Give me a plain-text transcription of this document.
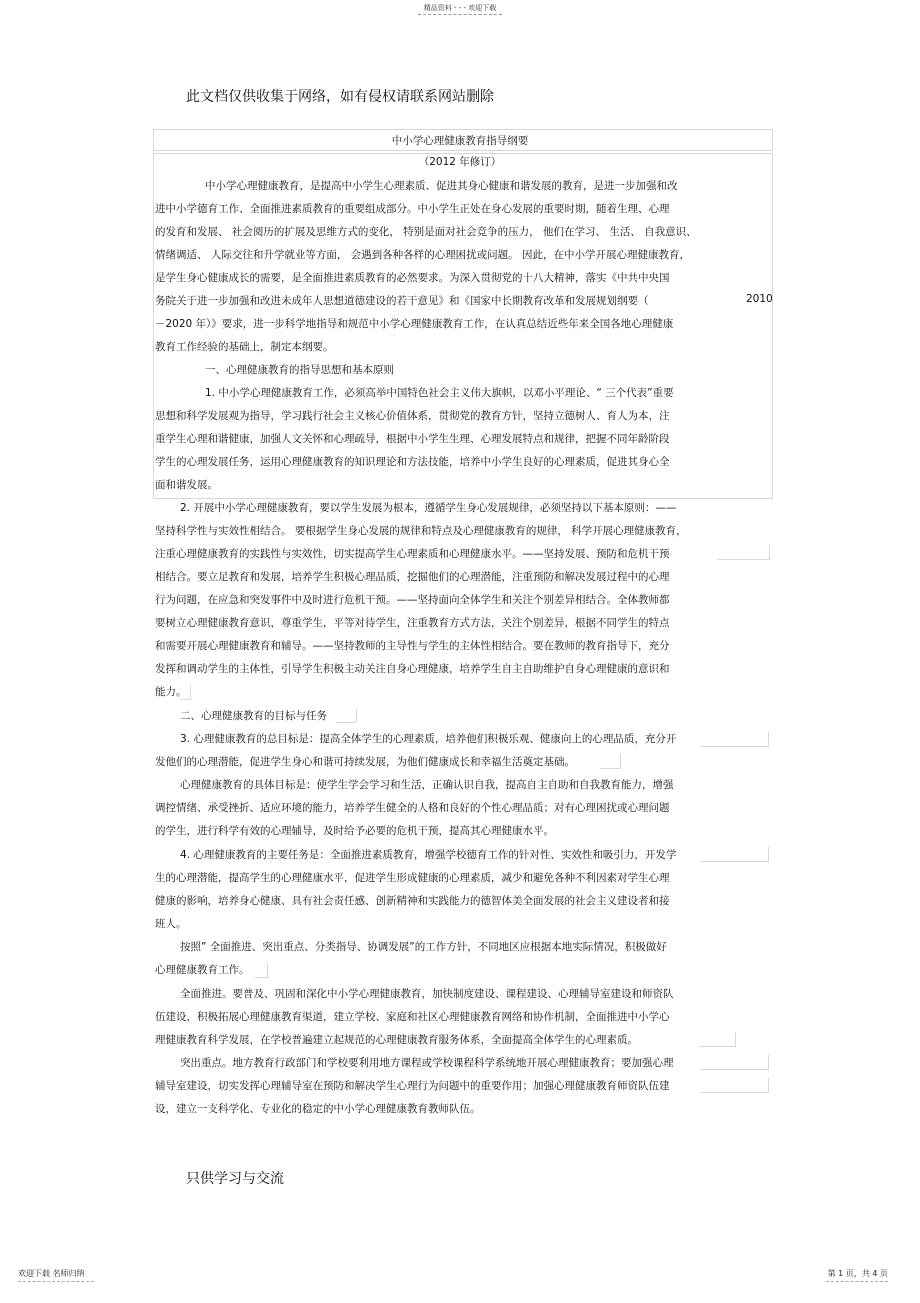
精品资料 - - - 欢迎下载
此文档仅供收集于网络，如有侵权请联系网站删除
中小学心理健康教育指导纲要
（2012 年修订）
中小学心理健康教育，是提高中小学生心理素质、促进其身心健康和谐发展的教育，是进一步加强和改
进中小学德育工作、全面推进素质教育的重要组成部分。中小学生正处在身心发展的重要时期，随着生理、心理
的发育和发展、 社会阅历的扩展及思维方式的变化， 特别是面对社会竞争的压力， 他们在学习、 生活、 自我意识、
情绪调适、 人际交往和升学就业等方面， 会遇到各种各样的心理困扰或问题。 因此，在中小学开展心理健康教育，
是学生身心健康成长的需要，是全面推进素质教育的必然要求。为深入贯彻党的十八大精神，落实《中共中央国
务院关于进一步加强和改进未成年人思想道德建设的若干意见》和《国家中长期教育改革和发展规划纲要（	2010
－2020 年）》要求，进一步科学地指导和规范中小学心理健康教育工作，在认真总结近些年来全国各地心理健康
教育工作经验的基础上，制定本纲要。
一、心理健康教育的指导思想和基本原则
1. 中小学心理健康教育工作，必须高举中国特色社会主义伟大旗帜，以邓小平理论、“ 三个代表”重要
思想和科学发展观为指导，学习践行社会主义核心价值体系，贯彻党的教育方针，坚持立德树人、育人为本，注
重学生心理和谐健康，加强人文关怀和心理疏导，根据中小学生生理、心理发展特点和规律，把握不同年龄阶段
学生的心理发展任务，运用心理健康教育的知识理论和方法技能，培养中小学生良好的心理素质，促进其身心全
面和谐发展。
2. 开展中小学心理健康教育，要以学生发展为根本，遵循学生身心发展规律，必须坚持以下基本原则：——
坚持科学性与实效性相结合。 要根据学生身心发展的规律和特点及心理健康教育的规律， 科学开展心理健康教育，
注重心理健康教育的实践性与实效性，切实提高学生心理素质和心理健康水平。——坚持发展、预防和危机干预
相结合。要立足教育和发展，培养学生积极心理品质，挖掘他们的心理潜能，注重预防和解决发展过程中的心理
行为问题，在应急和突发事件中及时进行危机干预。——坚持面向全体学生和关注个别差异相结合。全体教师都
要树立心理健康教育意识，尊重学生，平等对待学生，注重教育方式方法，关注个别差异，根据不同学生的特点
和需要开展心理健康教育和辅导。——坚持教师的主导性与学生的主体性相结合。要在教师的教育指导下，充分
发挥和调动学生的主体性，引导学生积极主动关注自身心理健康，培养学生自主自助维护自身心理健康的意识和
能力。
二、心理健康教育的目标与任务
3. 心理健康教育的总目标是：提高全体学生的心理素质，培养他们积极乐观、健康向上的心理品质，充分开
发他们的心理潜能，促进学生身心和谐可持续发展，为他们健康成长和幸福生活奠定基础。
心理健康教育的具体目标是：使学生学会学习和生活，正确认识自我，提高自主自助和自我教育能力，增强
调控情绪、承受挫折、适应环境的能力，培养学生健全的人格和良好的个性心理品质；对有心理困扰或心理问题
的学生，进行科学有效的心理辅导，及时给予必要的危机干预，提高其心理健康水平。
4. 心理健康教育的主要任务是：全面推进素质教育，增强学校德育工作的针对性、实效性和吸引力，开发学
生的心理潜能，提高学生的心理健康水平，促进学生形成健康的心理素质，减少和避免各种不利因素对学生心理
健康的影响，培养身心健康、具有社会责任感、创新精神和实践能力的德智体美全面发展的社会主义建设者和接
班人。
按照” 全面推进、突出重点、分类指导、协调发展”的工作方针，不同地区应根据本地实际情况，积极做好
心理健康教育工作。
全面推进。要普及、巩固和深化中小学心理健康教育，加快制度建设、课程建设、心理辅导室建设和师资队
伍建设，积极拓展心理健康教育渠道，建立学校、家庭和社区心理健康教育网络和协作机制，全面推进中小学心
理健康教育科学发展，在学校普遍建立起规范的心理健康教育服务体系，全面提高全体学生的心理素质。
突出重点。地方教育行政部门和学校要利用地方课程或学校课程科学系统地开展心理健康教育；要加强心理
辅导室建设，切实发挥心理辅导室在预防和解决学生心理行为问题中的重要作用；加强心理健康教育师资队伍建
设，建立一支科学化、专业化的稳定的中小学心理健康教育教师队伍。
只供学习与交流
欢迎下载 名师归纳	第 1 页，共 4 页
